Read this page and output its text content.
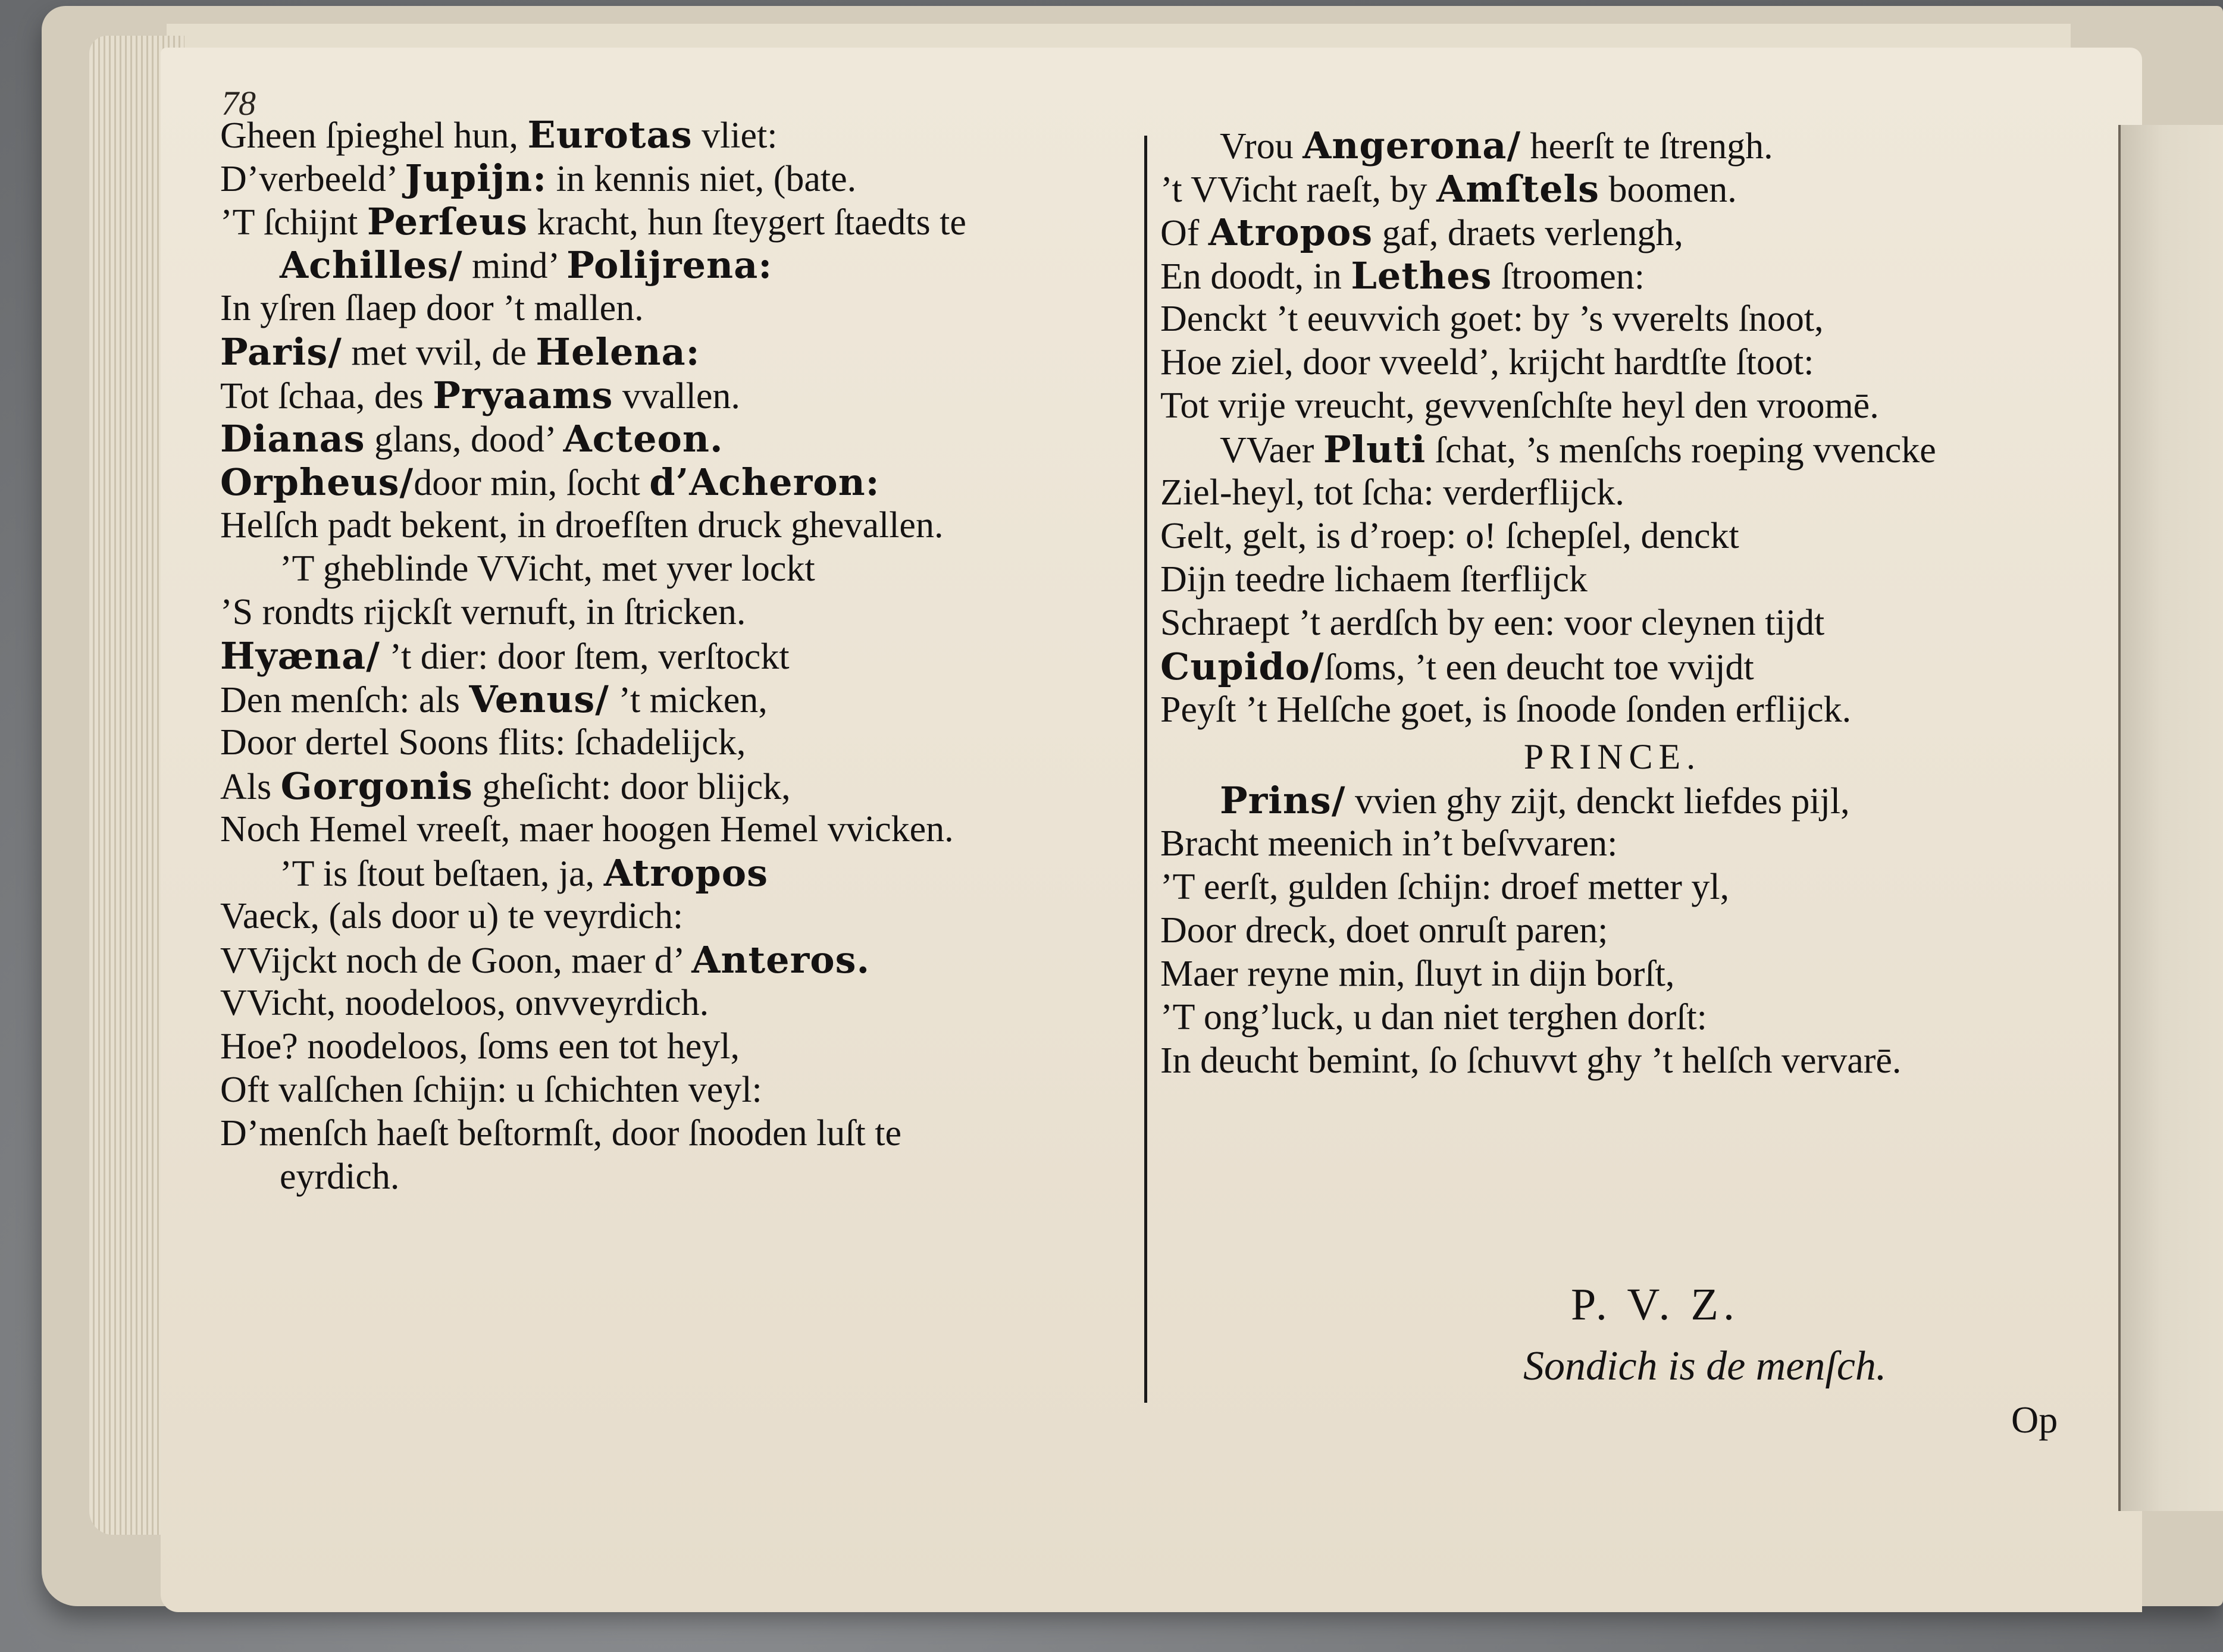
78
Gheen ſpieghel hun, Eurotas vliet:
D’verbeeld’ Jupijn: in kennis niet, (bate.
’T ſchijnt Perſeus kracht, hun ſteygert ſtaedts te
Achilles/ mind’ Polijrena:
In yſren ſlaep door ’t mallen.
Paris/ met vvil, de Helena:
Tot ſchaa, des Pryaams vvallen.
Dianas glans, dood’ Acteon.
Orpheus/door min, ſocht d’Acheron:
Helſch padt bekent, in droefſten druck ghevallen.
’T gheblinde VVicht, met yver lockt
’S rondts rijckſt vernuft, in ſtricken.
Hyæna/ ’t dier: door ſtem, verſtockt
Den menſch: als Venus/ ’t micken,
Door dertel Soons flits: ſchadelijck,
Als Gorgonis gheſicht: door blijck,
Noch Hemel vreeſt, maer hoogen Hemel vvicken.
’T is ſtout beſtaen, ja, Atropos
Vaeck, (als door u) te veyrdich:
VVijckt noch de Goon, maer d’ Anteros.
VVicht, noodeloos, onvveyrdich.
Hoe? noodeloos, ſoms een tot heyl,
Oft valſchen ſchijn: u ſchichten veyl:
D’menſch haeſt beſtormſt, door ſnooden luſt te
eyrdich.
Vrou Angerona/ heerſt te ſtrengh.
’t VVicht raeſt, by Amſtels boomen.
Of Atropos gaf, draets verlengh,
En doodt, in Lethes ſtroomen:
Denckt ’t eeuvvich goet: by ’s vverelts ſnoot,
Hoe ziel, door vveeld’, krijcht hardtſte ſtoot:
Tot vrije vreucht, gevvenſchſte heyl den vroomē.
VVaer Pluti ſchat, ’s menſchs roeping vvencke
Ziel-heyl, tot ſcha: verderflijck.
Gelt, gelt, is d’roep: o! ſchepſel, denckt
Dijn teedre lichaem ſterflijck
Schraept ’t aerdſch by een: voor cleynen tijdt
Cupido/ſoms, ’t een deucht toe vvijdt
Peyſt ’t Helſche goet, is ſnoode ſonden erflijck.
PRINCE.
Prins/ vvien ghy zijt, denckt liefdes pijl,
Bracht meenich in’t beſvvaren:
’T eerſt, gulden ſchijn: droef metter yl,
Door dreck, doet onruſt paren;
Maer reyne min, ſluyt in dijn borſt,
’T ong’luck, u dan niet terghen dorſt:
In deucht bemint, ſo ſchuvvt ghy ’t helſch vervarē.
P. V. Z.
Sondich is de menſch.
Op
